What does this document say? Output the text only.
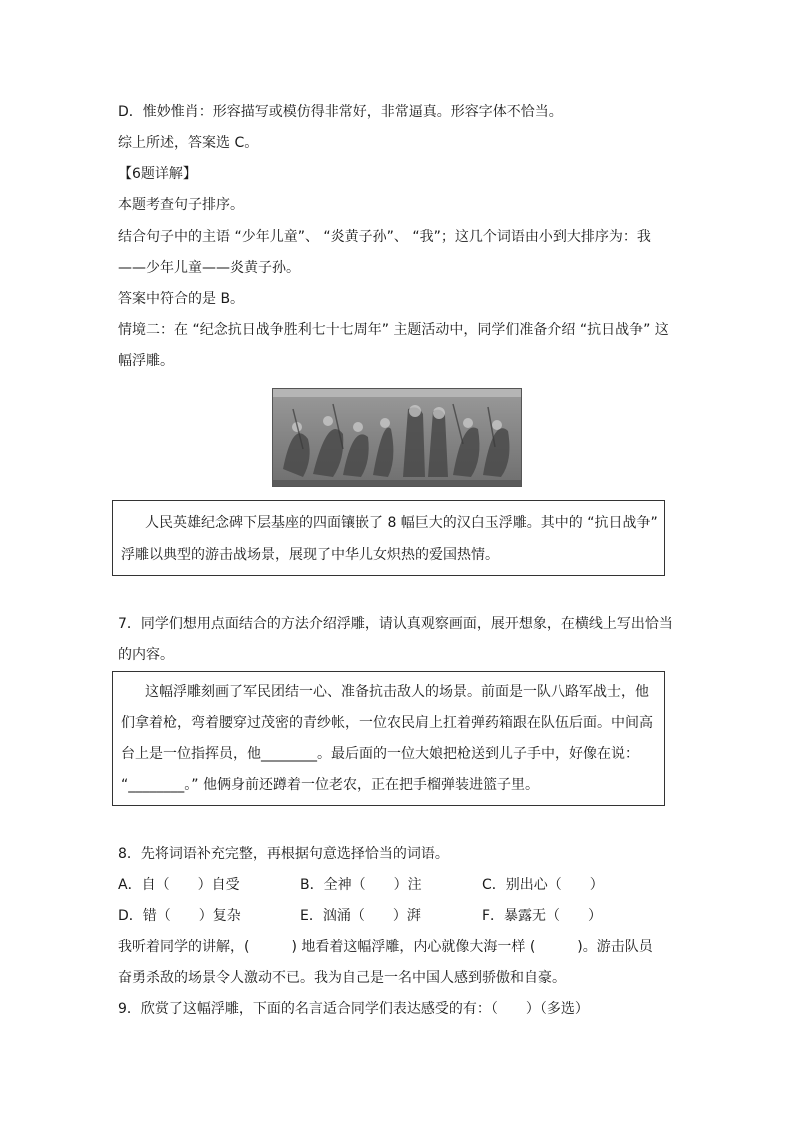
D．惟妙惟肖：形容描写或模仿得非常好，非常逼真。形容字体不恰当。
综上所述，答案选 C。
【6题详解】
本题考查句子排序。
结合句子中的主语 “少年儿童”、 “炎黄子孙”、 “我”；这几个词语由小到大排序为：我
——少年儿童——炎黄子孙。
答案中符合的是 B。
情境二：在 “纪念抗日战争胜利七十七周年” 主题活动中，同学们准备介绍 “抗日战争” 这
幅浮雕。
人民英雄纪念碑下层基座的四面镶嵌了 8 幅巨大的汉白玉浮雕。其中的 “抗日战争”
浮雕以典型的游击战场景，展现了中华儿女炽热的爱国热情。
7．同学们想用点面结合的方法介绍浮雕，请认真观察画面，展开想象，在横线上写出恰当
的内容。
这幅浮雕刻画了军民团结一心、准备抗击敌人的场景。前面是一队八路军战士，他
们拿着枪，弯着腰穿过茂密的青纱帐，一位农民肩上扛着弹药箱跟在队伍后面。中间高
台上是一位指挥员，他________。最后面的一位大娘把枪送到儿子手中，好像在说：
“________。” 他俩身前还蹲着一位老农，正在把手榴弹装进篮子里。
8．先将词语补充完整，再根据句意选择恰当的词语。
A．自（　　）自受	B．全神（　　）注	C．别出心（　　）
D．错（　　）复杂	E．汹涌（　　）湃	F．暴露无（　　）
我听着同学的讲解，(　　　) 地看着这幅浮雕，内心就像大海一样 (　　　)。游击队员
奋勇杀敌的场景令人激动不已。我为自己是一名中国人感到骄傲和自豪。
9．欣赏了这幅浮雕，下面的名言适合同学们表达感受的有：（　　）（多选）
